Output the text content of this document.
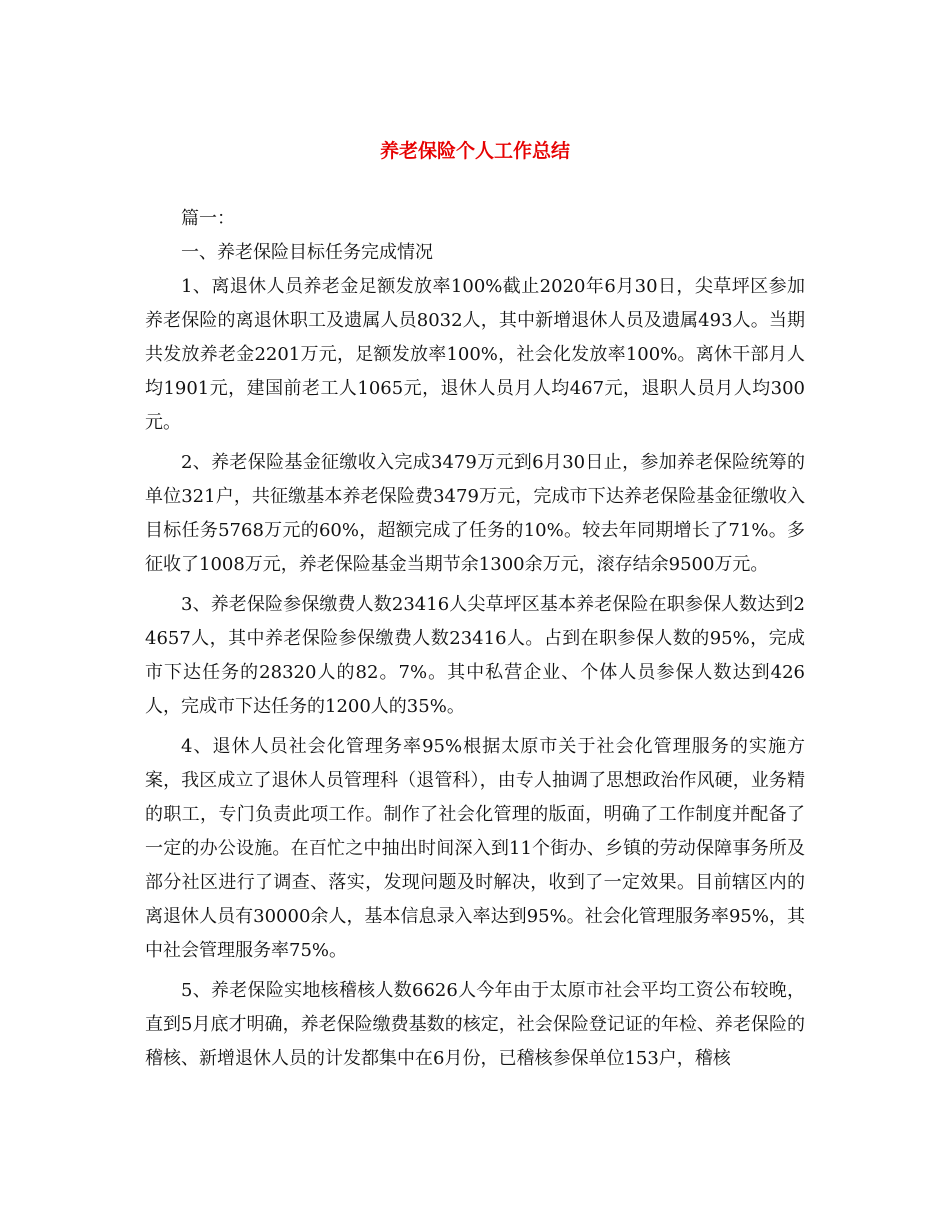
养老保险个人工作总结

篇一：

一、养老保险目标任务完成情况

1、离退休人员养老金足额发放率100%截止2020年6月30日，尖草坪区参加养老保险的离退休职工及遗属人员8032人，其中新增退休人员及遗属493人。当期共发放养老金2201万元，足额发放率100%，社会化发放率100%。离休干部月人均1901元，建国前老工人1065元，退休人员月人均467元，退职人员月人均300元。

2、养老保险基金征缴收入完成3479万元到6月30日止，参加养老保险统筹的单位321户，共征缴基本养老保险费3479万元，完成市下达养老保险基金征缴收入目标任务5768万元的60%，超额完成了任务的10%。较去年同期增长了71%。多征收了1008万元，养老保险基金当期节余1300余万元，滚存结余9500万元。

3、养老保险参保缴费人数23416人尖草坪区基本养老保险在职参保人数达到24657人，其中养老保险参保缴费人数23416人。占到在职参保人数的95%，完成市下达任务的28320人的82。7%。其中私营企业、个体人员参保人数达到426人，完成市下达任务的1200人的35%。

4、退休人员社会化管理务率95%根据太原市关于社会化管理服务的实施方案，我区成立了退休人员管理科（退管科），由专人抽调了思想政治作风硬，业务精的职工，专门负责此项工作。制作了社会化管理的版面，明确了工作制度并配备了一定的办公设施。在百忙之中抽出时间深入到11个街办、乡镇的劳动保障事务所及部分社区进行了调查、落实，发现问题及时解决，收到了一定效果。目前辖区内的离退休人员有30000余人，基本信息录入率达到95%。社会化管理服务率95%，其中社会管理服务率75%。

5、养老保险实地核稽核人数6626人今年由于太原市社会平均工资公布较晚，直到5月底才明确，养老保险缴费基数的核定，社会保险登记证的年检、养老保险的稽核、新增退休人员的计发都集中在6月份，已稽核参保单位153户，稽核
